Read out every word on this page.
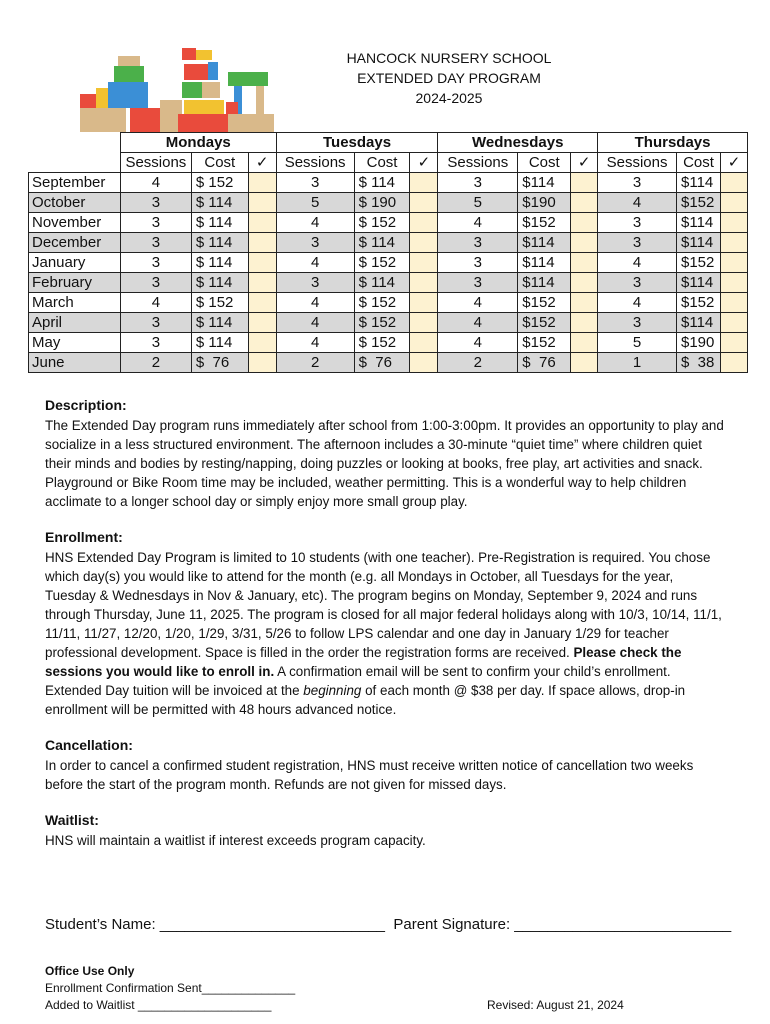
HANCOCK NURSERY SCHOOL
EXTENDED DAY PROGRAM
2024-2025
	Mondays			Tuesdays			Wednesdays			Thursdays		
	Sessions	Cost	✓	Sessions	Cost	✓	Sessions	Cost	✓	Sessions	Cost	✓
September	4	$ 152		3	$ 114		3	$114		3	$114	
October	3	$ 114		5	$ 190		5	$190		4	$152	
November	3	$ 114		4	$ 152		4	$152		3	$114	
December	3	$ 114		3	$ 114		3	$114		3	$114	
January	3	$ 114		4	$ 152		3	$114		4	$152	
February	3	$ 114		3	$ 114		3	$114		3	$114	
March	4	$ 152		4	$ 152		4	$152		4	$152	
April	3	$ 114		4	$ 152		4	$152		3	$114	
May	3	$ 114		4	$ 152		4	$152		5	$190	
June	2	$  76		2	$  76		2	$  76		1	$  38	
Description:

The Extended Day program runs immediately after school from 1:00-3:00pm. It provides an opportunity to play and socialize in a less structured environment. The afternoon includes a 30-minute “quiet time” where children quiet their minds and bodies by resting/napping, doing puzzles or looking at books, free play, art activities and snack. Playground or Bike Room time may be included, weather permitting. This is a wonderful way to help children acclimate to a longer school day or simply enjoy more small group play.

Enrollment:

HNS Extended Day Program is limited to 10 students (with one teacher). Pre-Registration is required. You chose which day(s) you would like to attend for the month (e.g. all Mondays in October, all Tuesdays for the year, Tuesday & Wednesdays in Nov & January, etc). The program begins on Monday, September 9, 2024 and runs through Thursday, June 11, 2025. The program is closed for all major federal holidays along with 10/3, 10/14, 11/1, 11/11, 11/27, 12/20, 1/20, 1/29, 3/31, 5/26 to follow LPS calendar and one day in January 1/29 for teacher professional development. Space is filled in the order the registration forms are received. Please check the sessions you would like to enroll in. A confirmation email will be sent to confirm your child’s enrollment. Extended Day tuition will be invoiced at the beginning of each month @ $38 per day. If space allows, drop-in enrollment will be permitted with 48 hours advanced notice.

Cancellation:

In order to cancel a confirmed student registration, HNS must receive written notice of cancellation two weeks before the start of the program month. Refunds are not given for missed days.

Waitlist:

HNS will maintain a waitlist if interest exceeds program capacity.

Student’s Name: ___________________________ Parent Signature: __________________________
Office Use Only
Enrollment Confirmation Sent______________
Added to Waitlist ____________________	Revised: August 21, 2024
